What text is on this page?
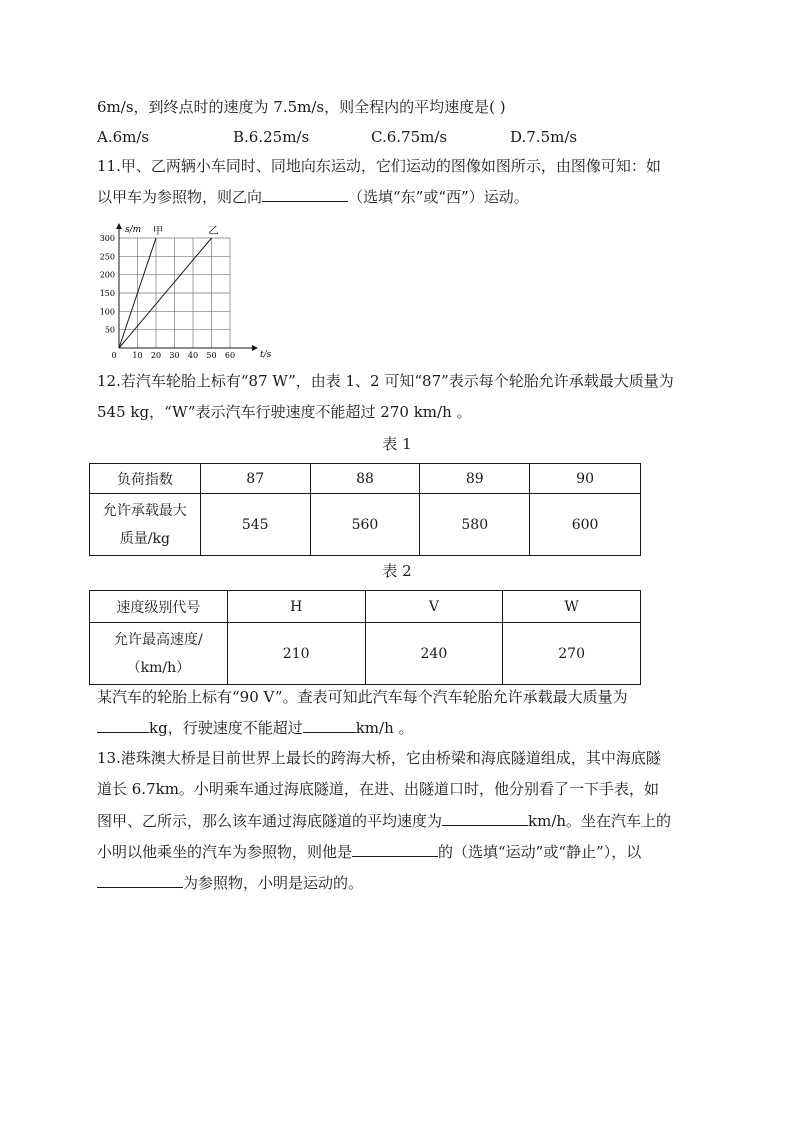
6m/s，到终点时的速度为 7.5m/s，则全程内的平均速度是( )
A.6m/s	B.6.25m/s	C.6.75m/s	D.7.5m/s
11.甲、乙两辆小车同时、同地向东运动，它们运动的图像如图所示，由图像可知：如
以甲车为参照物，则乙向	（选填“东”或“西”）运动。
10 20 30 40 50 60
50
100
150
200
250
300
甲	乙
s/m
t/s
0
12.若汽车轮胎上标有“87 W”，由表 1、2 可知“87”表示每个轮胎允许承载最大质量为
545 kg，“W”表示汽车行驶速度不能超过 270 km/h 。
表 1
负荷指数	87	88	89	90

允许承载最大
质量/kg	545	560	580	600
表 2
速度级别代号	H	V	W

允许最高速度/
（km/h）	210	240	270
某汽车的轮胎上标有“90 V”。查表可知此汽车每个汽车轮胎允许承载最大质量为
kg，行驶速度不能超过	km/h 。
13.港珠澳大桥是目前世界上最长的跨海大桥，它由桥梁和海底隧道组成，其中海底隧
道长 6.7km。小明乘车通过海底隧道，在进、出隧道口时，他分别看了一下手表，如
图甲、乙所示，那么该车通过海底隧道的平均速度为	km/h。坐在汽车上的
小明以他乘坐的汽车为参照物，则他是	的（选填“运动”或“静止”），以
为参照物，小明是运动的。
